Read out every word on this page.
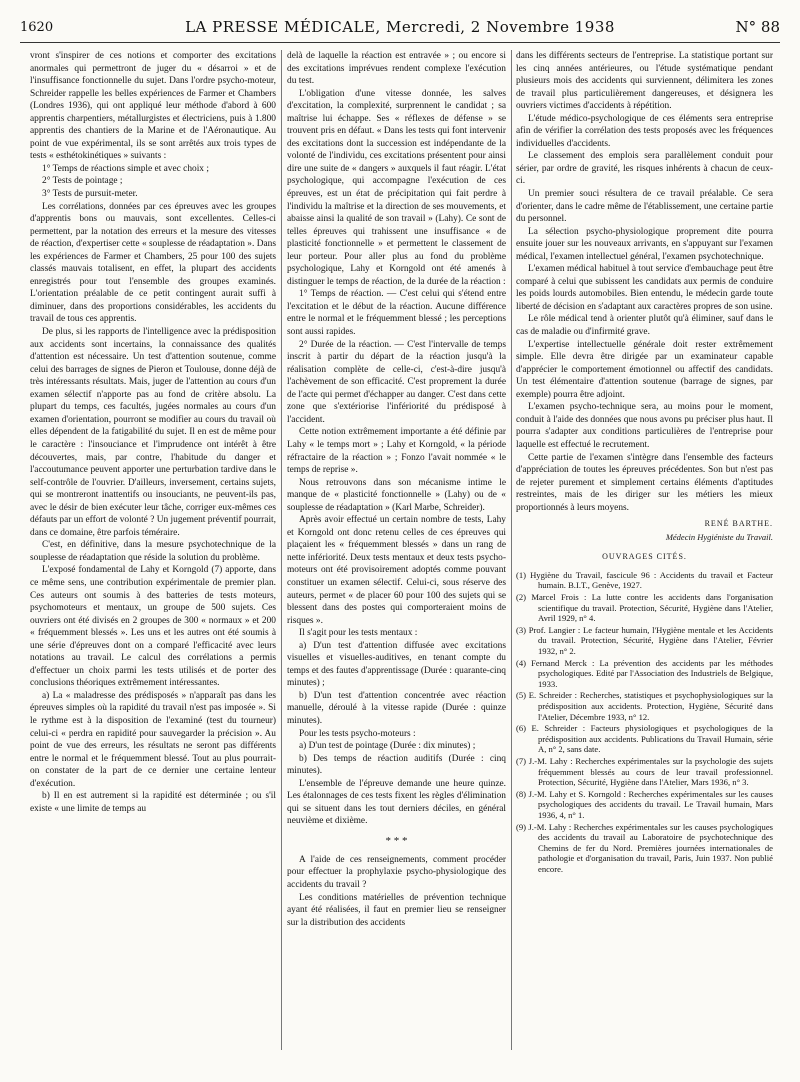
1620	LA PRESSE MÉDICALE, Mercredi, 2 Novembre 1938	N° 88

vront s'inspirer de ces notions et comporter des excitations anormales qui permettront de juger du « désarroi » et de l'insuffisance fonctionnelle du sujet. Dans l'ordre psycho-moteur, Schreider rappelle les belles expériences de Farmer et Chambers (Londres 1936), qui ont appliqué leur méthode d'abord à 600 apprentis charpentiers, métallurgistes et électriciens, puis à 1.800 apprentis des chantiers de la Marine et de l'Aéronautique. Au point de vue expérimental, ils se sont arrêtés aux trois types de tests « esthétokinétiques » suivants :

1° Temps de réactions simple et avec choix ;

2° Tests de pointage ;

3° Tests de pursuit-meter.

Les corrélations, données par ces épreuves avec les groupes d'apprentis bons ou mauvais, sont excellentes. Celles-ci permettent, par la notation des erreurs et la mesure des vitesses de réaction, d'expertiser cette « souplesse de réadaptation ». Dans les expériences de Farmer et Chambers, 25 pour 100 des sujets classés mauvais totalisent, en effet, la plupart des accidents enregistrés pour tout l'ensemble des groupes examinés. L'orientation préalable de ce petit contingent aurait suffi à diminuer, dans des proportions considérables, les accidents du travail de tous ces apprentis.

De plus, si les rapports de l'intelligence avec la prédisposition aux accidents sont incertains, la connaissance des qualités d'attention est nécessaire. Un test d'attention soutenue, comme celui des barrages de signes de Pieron et Toulouse, donne déjà de très intéressants résultats. Mais, juger de l'attention au cours d'un examen sélectif n'apporte pas au fond de critère absolu. La plupart du temps, ces facultés, jugées normales au cours d'un examen d'orientation, pourront se modifier au cours du travail où elles dépendent de la fatigabilité du sujet. Il en est de même pour le caractère : l'insouciance et l'imprudence ont intérêt à être découvertes, mais, par contre, l'habitude du danger et l'accoutumance peuvent apporter une perturbation tardive dans le self-contrôle de l'ouvrier. D'ailleurs, inversement, certains sujets, qui se montreront inattentifs ou insouciants, ne peuvent-ils pas, avec le désir de bien exécuter leur tâche, corriger eux-mêmes ces défauts par un effort de volonté ? Un jugement préventif pourrait, dans ce domaine, être parfois téméraire.

C'est, en définitive, dans la mesure psychotechnique de la souplesse de réadaptation que réside la solution du problème.

L'exposé fondamental de Lahy et Korngold (7) apporte, dans ce même sens, une contribution expérimentale de premier plan. Ces auteurs ont soumis à des batteries de tests moteurs, psychomoteurs et mentaux, un groupe de 500 sujets. Ces ouvriers ont été divisés en 2 groupes de 300 « normaux » et 200 « fréquemment blessés ». Les uns et les autres ont été soumis à une série d'épreuves dont on a comparé l'efficacité avec leurs notations au travail. Le calcul des corrélations a permis d'effectuer un choix parmi les tests utilisés et de porter des conclusions théoriques extrêmement intéressantes.

a) La « maladresse des prédisposés » n'apparaît pas dans les épreuves simples où la rapidité du travail n'est pas imposée ». Si le rythme est à la disposition de l'examiné (test du tourneur) celui-ci « perdra en rapidité pour sauvegarder la précision ». Au point de vue des erreurs, les résultats ne seront pas différents entre le normal et le fréquemment blessé. Tout au plus pourrait-on constater de la part de ce dernier une certaine lenteur d'exécution.

b) Il en est autrement si la rapidité est déterminée ; ou s'il existe « une limite de temps au

delà de laquelle la réaction est entravée » ; ou encore si des excitations imprévues rendent complexe l'exécution du test.

L'obligation d'une vitesse donnée, les salves d'excitation, la complexité, surprennent le candidat ; sa maîtrise lui échappe. Ses « réflexes de défense » se trouvent pris en défaut. « Dans les tests qui font intervenir des excitations dont la succession est indépendante de la volonté de l'individu, ces excitations présentent pour ainsi dire une suite de « dangers » auxquels il faut réagir. L'état psychologique, qui accompagne l'exécution de ces épreuves, est un état de précipitation qui fait perdre à l'individu la maîtrise et la direction de ses mouvements, et abaisse ainsi la qualité de son travail » (Lahy). Ce sont de telles épreuves qui trahissent une insuffisance « de plasticité fonctionnelle » et permettent le classement de leur porteur. Pour aller plus au fond du problème psychologique, Lahy et Korngold ont été amenés à distinguer le temps de réaction, de la durée de la réaction :

1° Temps de réaction. — C'est celui qui s'étend entre l'excitation et le début de la réaction. Aucune différence entre le normal et le fréquemment blessé ; les perceptions sont aussi rapides.

2° Durée de la réaction. — C'est l'intervalle de temps inscrit à partir du départ de la réaction jusqu'à la réalisation complète de celle-ci, c'est-à-dire jusqu'à l'achèvement de son efficacité. C'est proprement la durée de l'acte qui permet d'échapper au danger. C'est dans cette zone que s'extériorise l'infériorité du prédisposé à l'accident.

Cette notion extrêmement importante a été définie par Lahy « le temps mort » ; Lahy et Korngold, « la période réfractaire de la réaction » ; Fonzo l'avait nommée « le temps de reprise ».

Nous retrouvons dans son mécanisme intime le manque de « plasticité fonctionnelle » (Lahy) ou de « souplesse de réadaptation » (Karl Marbe, Schreider).

Après avoir effectué un certain nombre de tests, Lahy et Korngold ont donc retenu celles de ces épreuves qui plaçaient les « fréquemment blessés » dans un rang de nette infériorité. Deux tests mentaux et deux tests psycho-moteurs ont été provisoirement adoptés comme pouvant constituer un examen sélectif. Celui-ci, sous réserve des auteurs, permet « de placer 60 pour 100 des sujets qui se blessent dans des postes qui comporteraient moins de risques ».

Il s'agit pour les tests mentaux :

a) D'un test d'attention diffusée avec excitations visuelles et visuelles-auditives, en tenant compte du temps et des fautes d'apprentissage (Durée : quarante-cinq minutes) ;

b) D'un test d'attention concentrée avec réaction manuelle, déroulé à la vitesse rapide (Durée : quinze minutes).

Pour les tests psycho-moteurs :

a) D'un test de pointage (Durée : dix minutes) ;

b) Des temps de réaction auditifs (Durée : cinq minutes).

L'ensemble de l'épreuve demande une heure quinze. Les étalonnages de ces tests fixent les règles d'élimination qui se situent dans les tout derniers déciles, en général neuvième et dixième.

* * *

A l'aide de ces renseignements, comment procéder pour effectuer la prophylaxie psycho-physiologique des accidents du travail ?

Les conditions matérielles de prévention technique ayant été réalisées, il faut en premier lieu se renseigner sur la distribution des accidents

dans les différents secteurs de l'entreprise. La statistique portant sur les cinq années antérieures, ou l'étude systématique pendant plusieurs mois des accidents qui surviennent, délimitera les zones de travail plus particulièrement dangereuses, et désignera les ouvriers victimes d'accidents à répétition.

L'étude médico-psychologique de ces éléments sera entreprise afin de vérifier la corrélation des tests proposés avec les fréquences individuelles d'accidents.

Le classement des emplois sera parallèlement conduit pour sérier, par ordre de gravité, les risques inhérents à chacun de ceux-ci.

Un premier souci résultera de ce travail préalable. Ce sera d'orienter, dans le cadre même de l'établissement, une certaine partie du personnel.

La sélection psycho-physiologique proprement dite pourra ensuite jouer sur les nouveaux arrivants, en s'appuyant sur l'examen médical, l'examen intellectuel général, l'examen psychotechnique.

L'examen médical habituel à tout service d'embauchage peut être comparé à celui que subissent les candidats aux permis de conduire les poids lourds automobiles. Bien entendu, le médecin garde toute liberté de décision en s'adaptant aux caractères propres de son usine.

Le rôle médical tend à orienter plutôt qu'à éliminer, sauf dans le cas de maladie ou d'infirmité grave.

L'expertise intellectuelle générale doit rester extrêmement simple. Elle devra être dirigée par un examinateur capable d'apprécier le comportement émotionnel ou affectif des candidats. Un test élémentaire d'attention soutenue (barrage de signes, par exemple) pourra être adjoint.

L'examen psycho-technique sera, au moins pour le moment, conduit à l'aide des données que nous avons pu préciser plus haut. Il pourra s'adapter aux conditions particulières de l'entreprise pour laquelle est effectué le recrutement.

Cette partie de l'examen s'intègre dans l'ensemble des facteurs d'appréciation de toutes les épreuves précédentes. Son but n'est pas de rejeter purement et simplement certains éléments d'aptitudes restreintes, mais de les diriger sur les métiers les mieux proportionnés à leurs moyens.

RENÉ BARTHE.
Médecin Hygiéniste du Travail.
OUVRAGES CITÉS.
(1) Hygiène du Travail, fascicule 96 : Accidents du travail et Facteur humain. B.I.T., Genève, 1927.
(2) Marcel Frois : La lutte contre les accidents dans l'organisation scientifique du travail. Protection, Sécurité, Hygiène dans l'Atelier, Avril 1929, n° 4.
(3) Prof. Langier : Le facteur humain, l'Hygiène mentale et les Accidents du travail. Protection, Sécurité, Hygiène dans l'Atelier, Février 1932, n° 2.
(4) Fernand Merck : La prévention des accidents par les méthodes psychologiques. Edité par l'Association des Industriels de Belgique, 1933.
(5) E. Schreider : Recherches, statistiques et psychophysiologiques sur la prédisposition aux accidents. Protection, Hygiène, Sécurité dans l'Atelier, Décembre 1933, n° 12.
(6) E. Schreider : Facteurs physiologiques et psychologiques de la prédisposition aux accidents. Publications du Travail Humain, série A, n° 2, sans date.
(7) J.-M. Lahy : Recherches expérimentales sur la psychologie des sujets fréquemment blessés au cours de leur travail professionnel. Protection, Sécurité, Hygiène dans l'Atelier, Mars 1936, n° 3.
(8) J.-M. Lahy et S. Korngold : Recherches expérimentales sur les causes psychologiques des accidents du travail. Le Travail humain, Mars 1936, 4, n° 1.
(9) J.-M. Lahy : Recherches expérimentales sur les causes psychologiques des accidents du travail au Laboratoire de psychotechnique des Chemins de fer du Nord. Premières journées internationales de pathologie et d'organisation du travail, Paris, Juin 1937. Non publié encore.
